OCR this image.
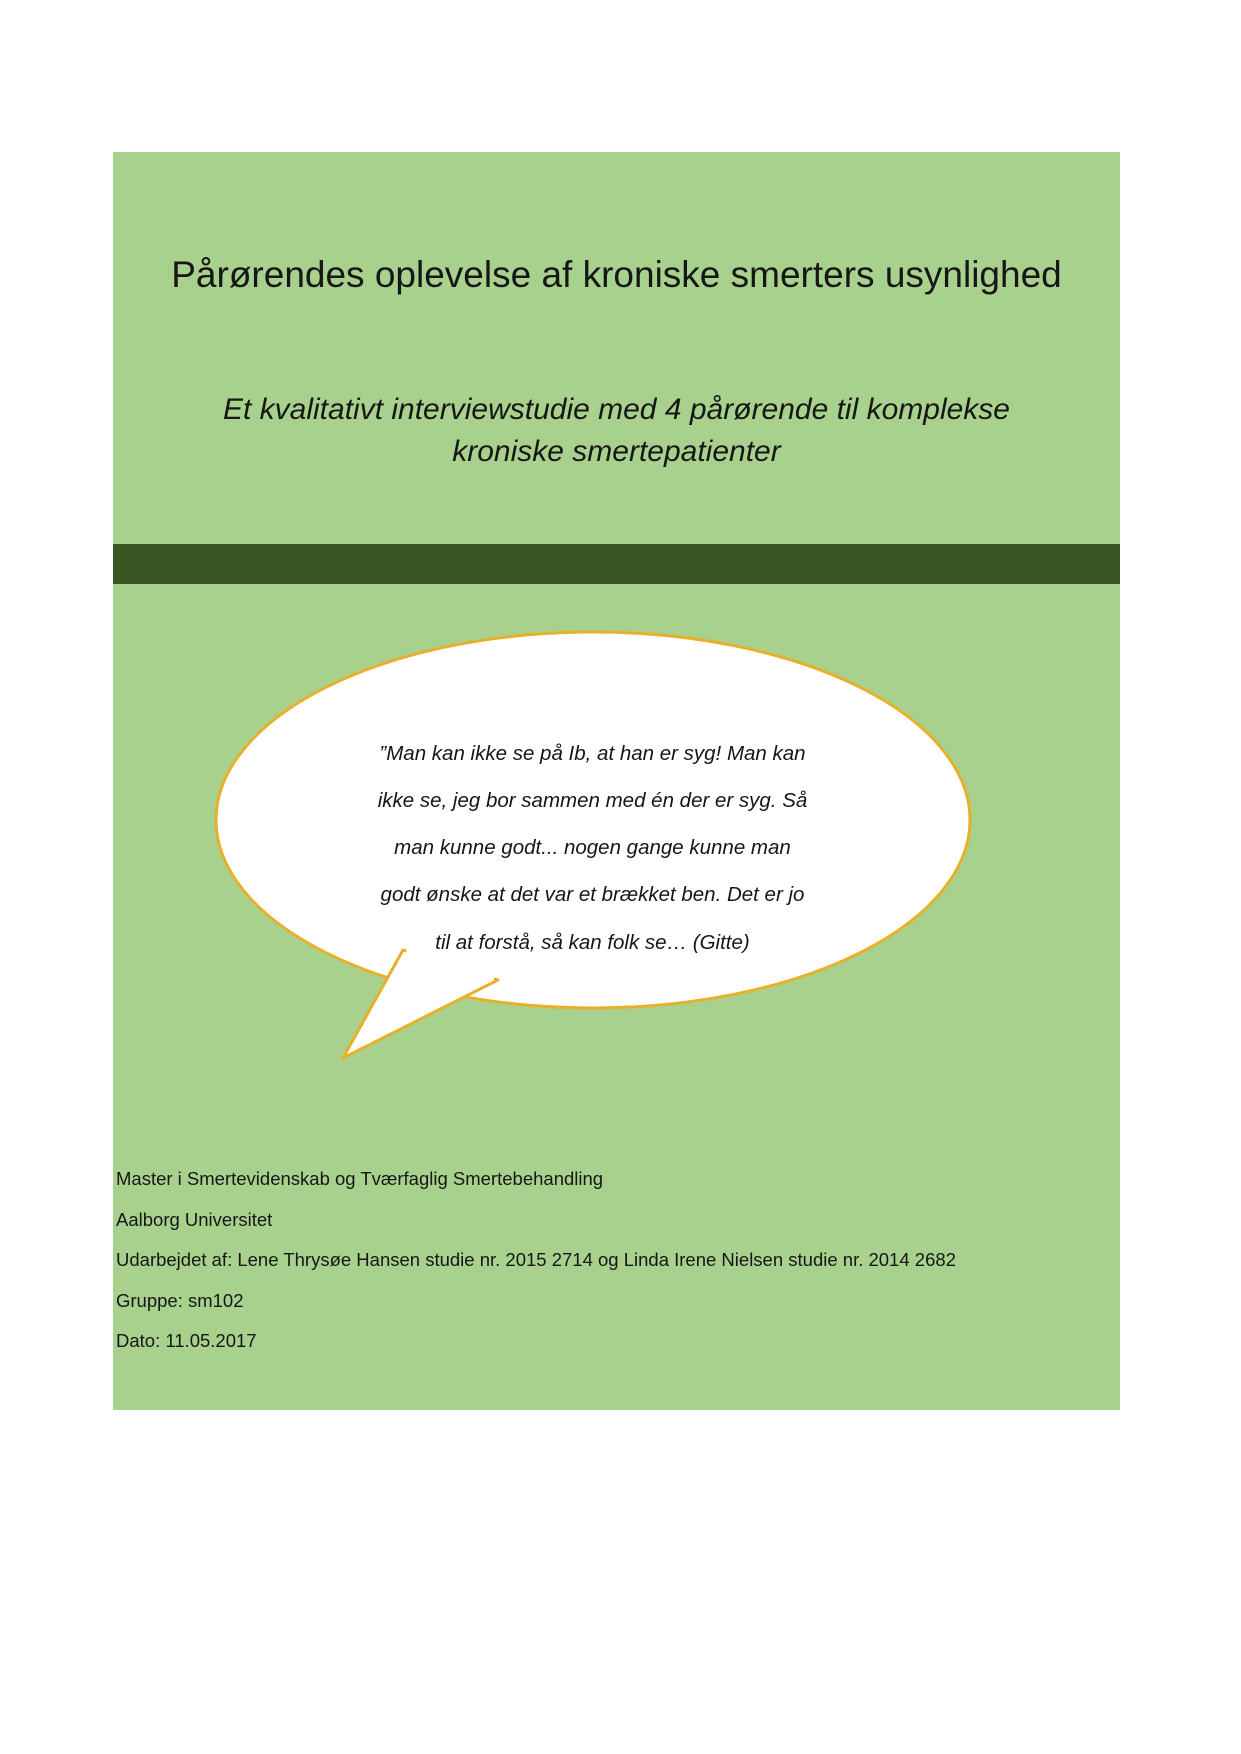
Pårørendes oplevelse af kroniske smerters usynlighed

Et kvalitativt interviewstudie med 4 pårørende til komplekse kroniske smertepatienter

”Man kan ikke se på Ib, at han er syg! Man kan
ikke se, jeg bor sammen med én der er syg. Så
man kunne godt... nogen gange kunne man
godt ønske at det var et brækket ben. Det er jo
til at forstå, så kan folk se… (Gitte)

Master i Smertevidenskab og Tværfaglig Smertebehandling

Aalborg Universitet

Udarbejdet af: Lene Thrysøe Hansen studie nr. 2015 2714 og Linda Irene Nielsen studie nr. 2014 2682

Gruppe: sm102

Dato: 11.05.2017
